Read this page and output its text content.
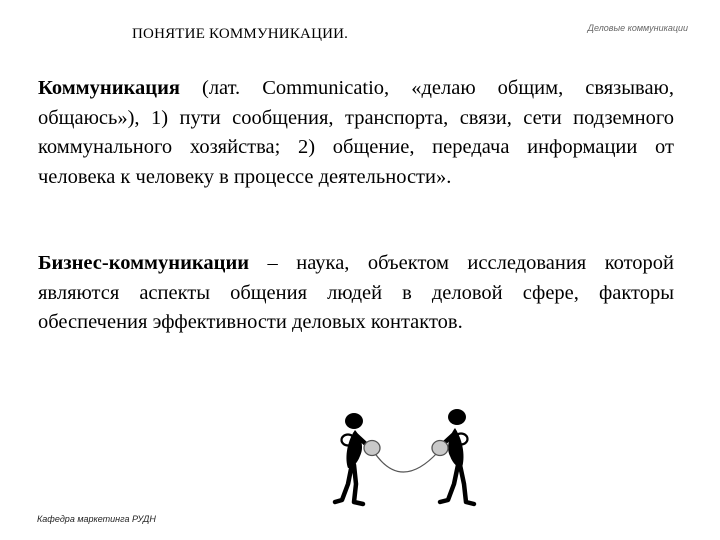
ПОНЯТИЕ КОММУНИКАЦИИ.	Деловые коммуникации

Коммуникация (лат. Communicatio, «делаю общим, связываю, общаюсь»), 1) пути сообщения, транспорта, связи, сети подземного коммунального хозяйства; 2) общение, передача информации от человека к человеку в процессе деятельности».

Бизнес-коммуникации – наука, объектом исследования которой являются аспекты общения людей в деловой сфере, факторы обеспечения эффективности деловых контактов.

Кафедра маркетинга РУДН
